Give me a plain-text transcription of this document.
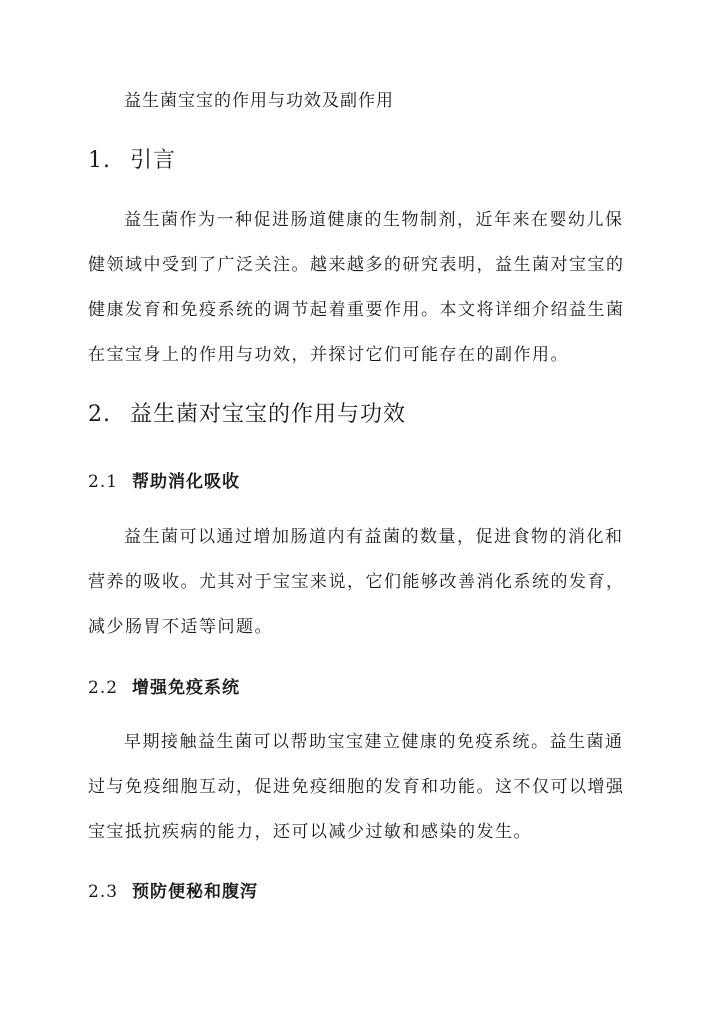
益生菌宝宝的作用与功效及副作用
1. 引言
益生菌作为一种促进肠道健康的生物制剂，近年来在婴幼儿保
健领域中受到了广泛关注。越来越多的研究表明，益生菌对宝宝的
健康发育和免疫系统的调节起着重要作用。本文将详细介绍益生菌
在宝宝身上的作用与功效，并探讨它们可能存在的副作用。
2. 益生菌对宝宝的作用与功效
2.1 帮助消化吸收
益生菌可以通过增加肠道内有益菌的数量，促进食物的消化和
营养的吸收。尤其对于宝宝来说，它们能够改善消化系统的发育，
减少肠胃不适等问题。
2.2 增强免疫系统
早期接触益生菌可以帮助宝宝建立健康的免疫系统。益生菌通
过与免疫细胞互动，促进免疫细胞的发育和功能。这不仅可以增强
宝宝抵抗疾病的能力，还可以减少过敏和感染的发生。
2.3 预防便秘和腹泻
